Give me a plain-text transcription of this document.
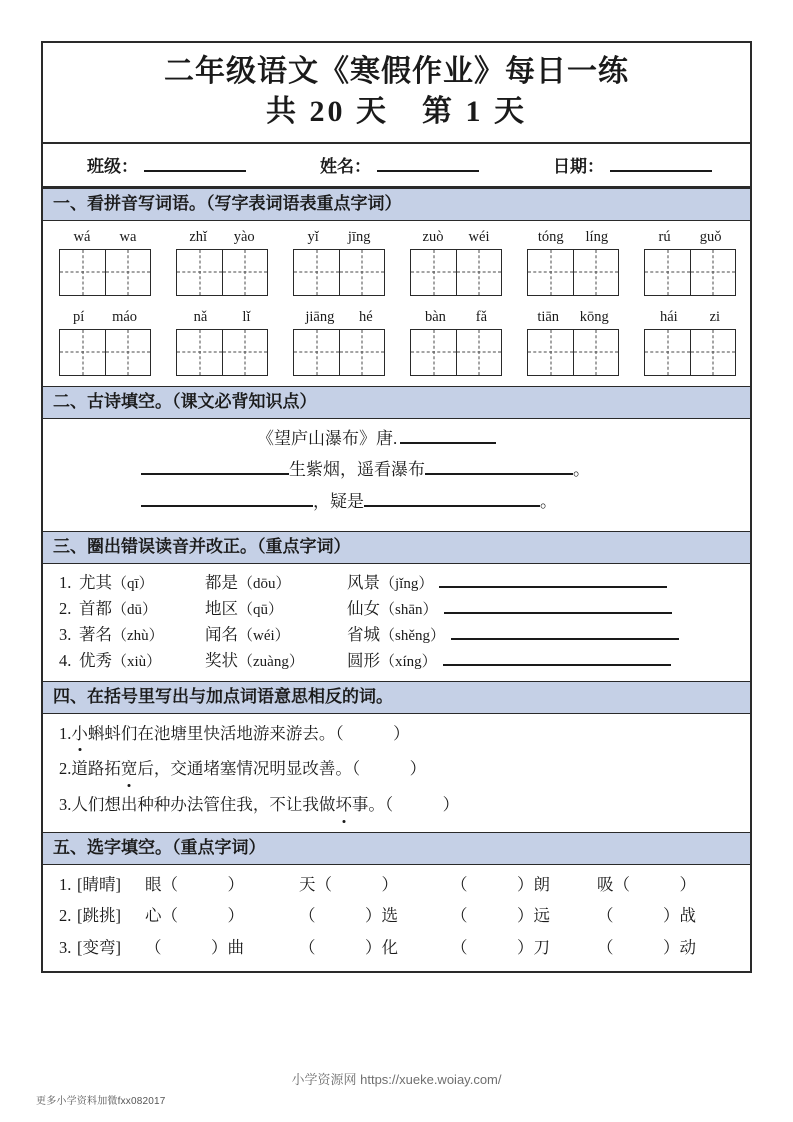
二年级语文《寒假作业》每日一练
共 20 天　第 1 天
班级：	姓名：	日期：
一、看拼音写词语。（写字表词语表重点字词）
wá wa	zhǐ yào	yǐ jīng	zuò wéi	tóng líng	rú guǒ
pí máo	nǎ lǐ	jiāng hé	bàn fǎ	tiān kōng	hái zi
二、古诗填空。（课文必背知识点）
《望庐山瀑布》唐.
生紫烟，遥看瀑布	。
，疑是	。
三、圈出错误读音并改正。（重点字词）
1. 尤其（qī）	都是（dōu）	风景（jǐng）
2. 首都（dū）	地区（qū）	仙女（shān）
3. 著名（zhù）	闻名（wéi）	省城（shěng）
4. 优秀（xiù）	奖状（zuàng）	圆形（xíng）
四、在括号里写出与加点词语意思相反的词。
1.小蝌蚪们在池塘里快活地游来游去。（　　　）
2.道路拓宽后，交通堵塞情况明显改善。（　　　）
3.人们想出种种办法管住我，不让我做坏事。（　　　）
五、选字填空。（重点字词）
1. [睛晴]	眼（　　　）	天（　　　）	（　　　）朗	吸（　　　）
2. [跳挑]	心（　　　）	（　　　）选	（　　　）远	（　　　）战
3. [变弯]	（　　　）曲	（　　　）化	（　　　）刀	（　　　）动
小学资源网 https://xueke.woiay.com/
更多小学资料加微fxx082017
